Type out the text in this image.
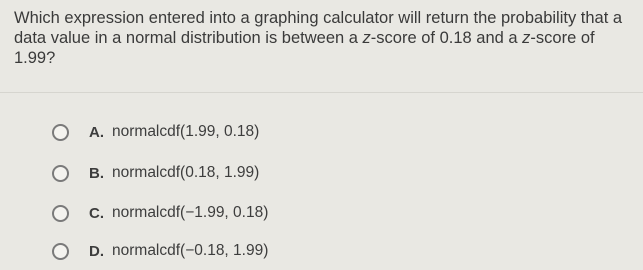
Which expression entered into a graphing calculator will return the probability that a data value in a normal distribution is between a z-score of 0.18 and a z-score of 1.99?
A. normalcdf(1.99, 0.18)
B. normalcdf(0.18, 1.99)
C. normalcdf(−1.99, 0.18)
D. normalcdf(−0.18, 1.99)
